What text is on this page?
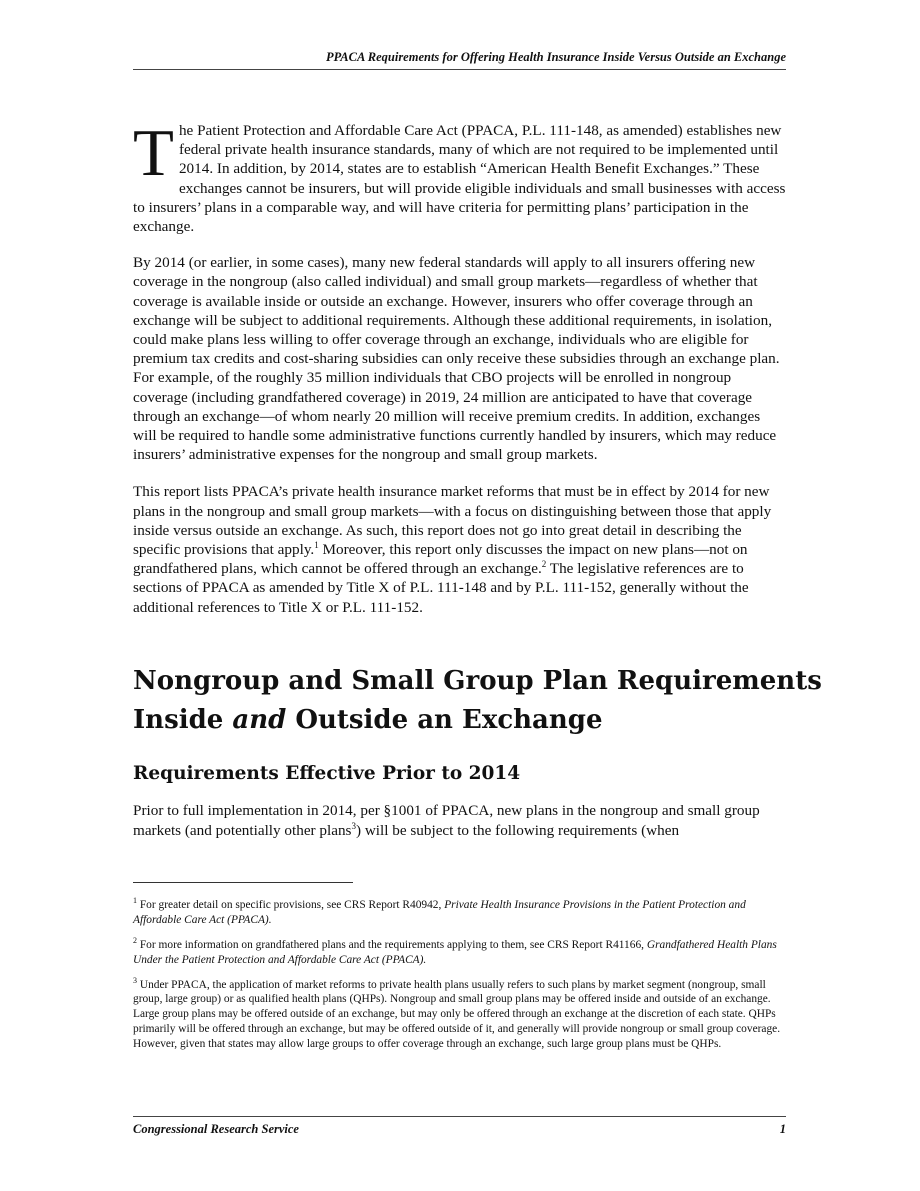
PPACA Requirements for Offering Health Insurance Inside Versus Outside an Exchange

The Patient Protection and Affordable Care Act (PPACA, P.L. 111-148, as amended) establishes new federal private health insurance standards, many of which are not required to be implemented until 2014. In addition, by 2014, states are to establish “American Health Benefit Exchanges.” These exchanges cannot be insurers, but will provide eligible individuals and small businesses with access to insurers’ plans in a comparable way, and will have criteria for permitting plans’ participation in the exchange.

By 2014 (or earlier, in some cases), many new federal standards will apply to all insurers offering new coverage in the nongroup (also called individual) and small group markets—regardless of whether that coverage is available inside or outside an exchange. However, insurers who offer coverage through an exchange will be subject to additional requirements. Although these additional requirements, in isolation, could make plans less willing to offer coverage through an exchange, individuals who are eligible for premium tax credits and cost-sharing subsidies can only receive these subsidies through an exchange plan. For example, of the roughly 35 million individuals that CBO projects will be enrolled in nongroup coverage (including grandfathered coverage) in 2019, 24 million are anticipated to have that coverage through an exchange—of whom nearly 20 million will receive premium credits. In addition, exchanges will be required to handle some administrative functions currently handled by insurers, which may reduce insurers’ administrative expenses for the nongroup and small group markets.

This report lists PPACA’s private health insurance market reforms that must be in effect by 2014 for new plans in the nongroup and small group markets—with a focus on distinguishing between those that apply inside versus outside an exchange. As such, this report does not go into great detail in describing the specific provisions that apply.$^1$ Moreover, this report only discusses the impact on new plans—not on grandfathered plans, which cannot be offered through an exchange.$^2$ The legislative references are to sections of PPACA as amended by Title X of P.L. 111-148 and by P.L. 111-152, generally without the additional references to Title X or P.L. 111-152.

Nongroup and Small Group Plan Requirements
Inside and Outside an Exchange
Requirements Effective Prior to 2014

Prior to full implementation in 2014, per §1001 of PPACA, new plans in the nongroup and small group markets (and potentially other plans$^3$) will be subject to the following requirements (when

$^1$ For greater detail on specific provisions, see CRS Report R40942, Private Health Insurance Provisions in the Patient Protection and Affordable Care Act (PPACA).

$^2$ For more information on grandfathered plans and the requirements applying to them, see CRS Report R41166, Grandfathered Health Plans Under the Patient Protection and Affordable Care Act (PPACA).

$^3$ Under PPACA, the application of market reforms to private health plans usually refers to such plans by market segment (nongroup, small group, large group) or as qualified health plans (QHPs). Nongroup and small group plans may be offered inside and outside of an exchange. Large group plans may be offered outside of an exchange, but may only be offered through an exchange at the discretion of each state. QHPs primarily will be offered through an exchange, but may be offered outside of it, and generally will provide nongroup or small group coverage. However, given that states may allow large groups to offer coverage through an exchange, such large group plans must be QHPs.

Congressional Research Service	1
